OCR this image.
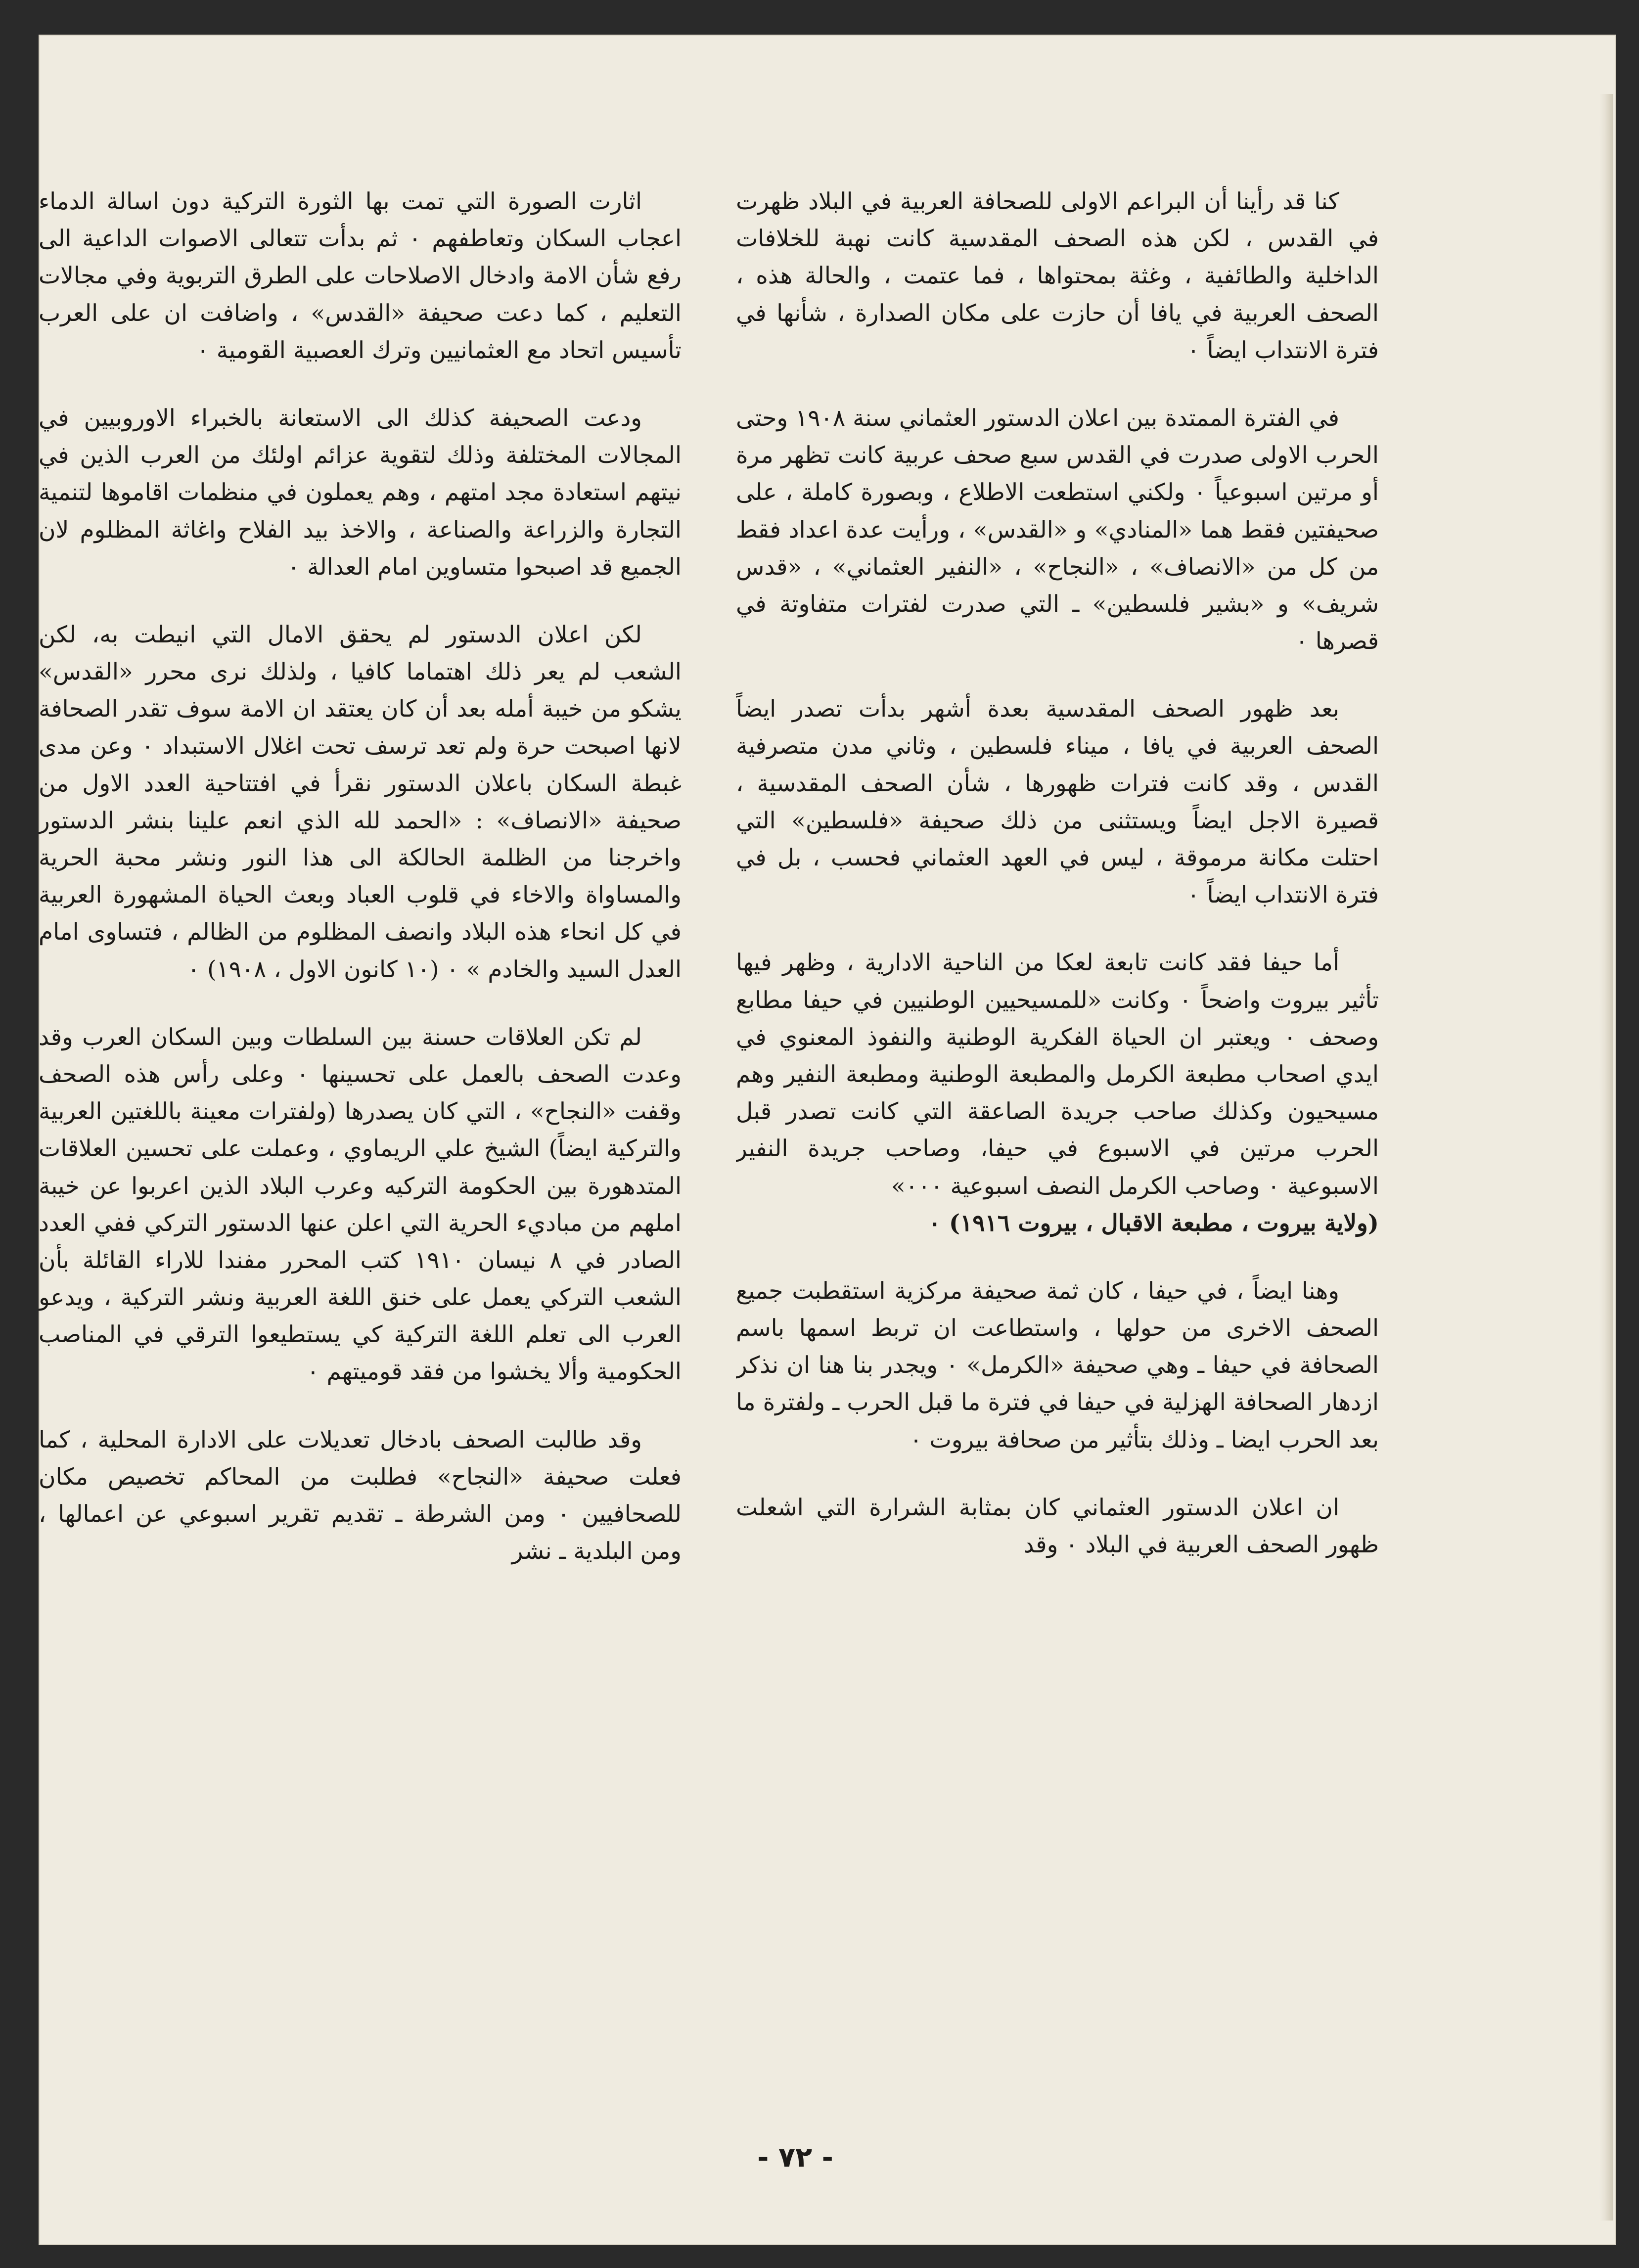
كنا قد رأينا أن البراعم الاولى للصحافة العربية في البلاد ظهرت في القدس ، لكن هذه الصحف المقدسية كانت نهبة للخلافات الداخلية والطائفية ، وغثة بمحتواها ، فما عتمت ، والحالة هذه ، الصحف العربية في يافا أن حازت على مكان الصدارة ، شأنها في فترة الانتداب ايضاً ٠

في الفترة الممتدة بين اعلان الدستور العثماني سنة ١٩٠٨ وحتى الحرب الاولى صدرت في القدس سبع صحف عربية كانت تظهر مرة أو مرتين اسبوعياً ٠ ولكني استطعت الاطلاع ، وبصورة كاملة ، على صحيفتين فقط هما «المنادي» و «القدس» ، ورأيت عدة اعداد فقط من كل من «الانصاف» ، «النجاح» ، «النفير العثماني» ، «قدس شريف» و «بشير فلسطين» ـ التي صدرت لفترات متفاوتة في قصرها ٠

بعد ظهور الصحف المقدسية بعدة أشهر بدأت تصدر ايضاً الصحف العربية في يافا ، ميناء فلسطين ، وثاني مدن متصرفية القدس ، وقد كانت فترات ظهورها ، شأن الصحف المقدسية ، قصيرة الاجل ايضاً ويستثنى من ذلك صحيفة «فلسطين» التي احتلت مكانة مرموقة ، ليس في العهد العثماني فحسب ، بل في فترة الانتداب ايضاً ٠

أما حيفا فقد كانت تابعة لعكا من الناحية الادارية ، وظهر فيها تأثير بيروت واضحاً ٠ وكانت «للمسيحيين الوطنيين في حيفا مطابع وصحف ٠ ويعتبر ان الحياة الفكرية الوطنية والنفوذ المعنوي في ايدي اصحاب مطبعة الكرمل والمطبعة الوطنية ومطبعة النفير وهم مسيحيون وكذلك صاحب جريدة الصاعقة التي كانت تصدر قبل الحرب مرتين في الاسبوع في حيفا، وصاحب جريدة النفير الاسبوعية ٠ وصاحب الكرمل النصف اسبوعية ٠٠٠»

(ولاية بيروت ، مطبعة الاقبال ، بيروت ١٩١٦) ٠

وهنا ايضاً ، في حيفا ، كان ثمة صحيفة مركزية استقطبت جميع الصحف الاخرى من حولها ، واستطاعت ان تربط اسمها باسم الصحافة في حيفا ـ وهي صحيفة «الكرمل» ٠ ويجدر بنا هنا ان نذكر ازدهار الصحافة الهزلية في حيفا في فترة ما قبل الحرب ـ ولفترة ما بعد الحرب ايضا ـ وذلك بتأثير من صحافة بيروت ٠

ان اعلان الدستور العثماني كان بمثابة الشرارة التي اشعلت ظهور الصحف العربية في البلاد ٠ وقد

اثارت الصورة التي تمت بها الثورة التركية دون اسالة الدماء اعجاب السكان وتعاطفهم ٠ ثم بدأت تتعالى الاصوات الداعية الى رفع شأن الامة وادخال الاصلاحات على الطرق التربوية وفي مجالات التعليم ، كما دعت صحيفة «القدس» ، واضافت ان على العرب تأسيس اتحاد مع العثمانيين وترك العصبية القومية ٠

ودعت الصحيفة كذلك الى الاستعانة بالخبراء الاوروبيين في المجالات المختلفة وذلك لتقوية عزائم اولئك من العرب الذين في نيتهم استعادة مجد امتهم ، وهم يعملون في منظمات اقاموها لتنمية التجارة والزراعة والصناعة ، والاخذ بيد الفلاح واغاثة المظلوم لان الجميع قد اصبحوا متساوين امام العدالة ٠

لكن اعلان الدستور لم يحقق الامال التي انيطت به، لكن الشعب لم يعر ذلك اهتماما كافيا ، ولذلك نرى محرر «القدس» يشكو من خيبة أمله بعد أن كان يعتقد ان الامة سوف تقدر الصحافة لانها اصبحت حرة ولم تعد ترسف تحت اغلال الاستبداد ٠ وعن مدى غبطة السكان باعلان الدستور نقرأ في افتتاحية العدد الاول من صحيفة «الانصاف» : «الحمد لله الذي انعم علينا بنشر الدستور واخرجنا من الظلمة الحالكة الى هذا النور ونشر محبة الحرية والمساواة والاخاء في قلوب العباد وبعث الحياة المشهورة العربية في كل انحاء هذه البلاد وانصف المظلوم من الظالم ، فتساوى امام العدل السيد والخادم » ٠ (١٠ كانون الاول ، ١٩٠٨) ٠

لم تكن العلاقات حسنة بين السلطات وبين السكان العرب وقد وعدت الصحف بالعمل على تحسينها ٠ وعلى رأس هذه الصحف وقفت «النجاح» ، التي كان يصدرها (ولفترات معينة باللغتين العربية والتركية ايضاً) الشيخ علي الريماوي ، وعملت على تحسين العلاقات المتدهورة بين الحكومة التركيه وعرب البلاد الذين اعربوا عن خيبة املهم من مباديء الحرية التي اعلن عنها الدستور التركي ففي العدد الصادر في ٨ نيسان ١٩١٠ كتب المحرر مفندا للاراء القائلة بأن الشعب التركي يعمل على خنق اللغة العربية ونشر التركية ، ويدعو العرب الى تعلم اللغة التركية كي يستطيعوا الترقي في المناصب الحكومية وألا يخشوا من فقد قوميتهم ٠

وقد طالبت الصحف بادخال تعديلات على الادارة المحلية ، كما فعلت صحيفة «النجاح» فطلبت من المحاكم تخصيص مكان للصحافيين ٠ ومن الشرطة ـ تقديم تقرير اسبوعي عن اعمالها ، ومن البلدية ـ نشر

- ٧٢ -
